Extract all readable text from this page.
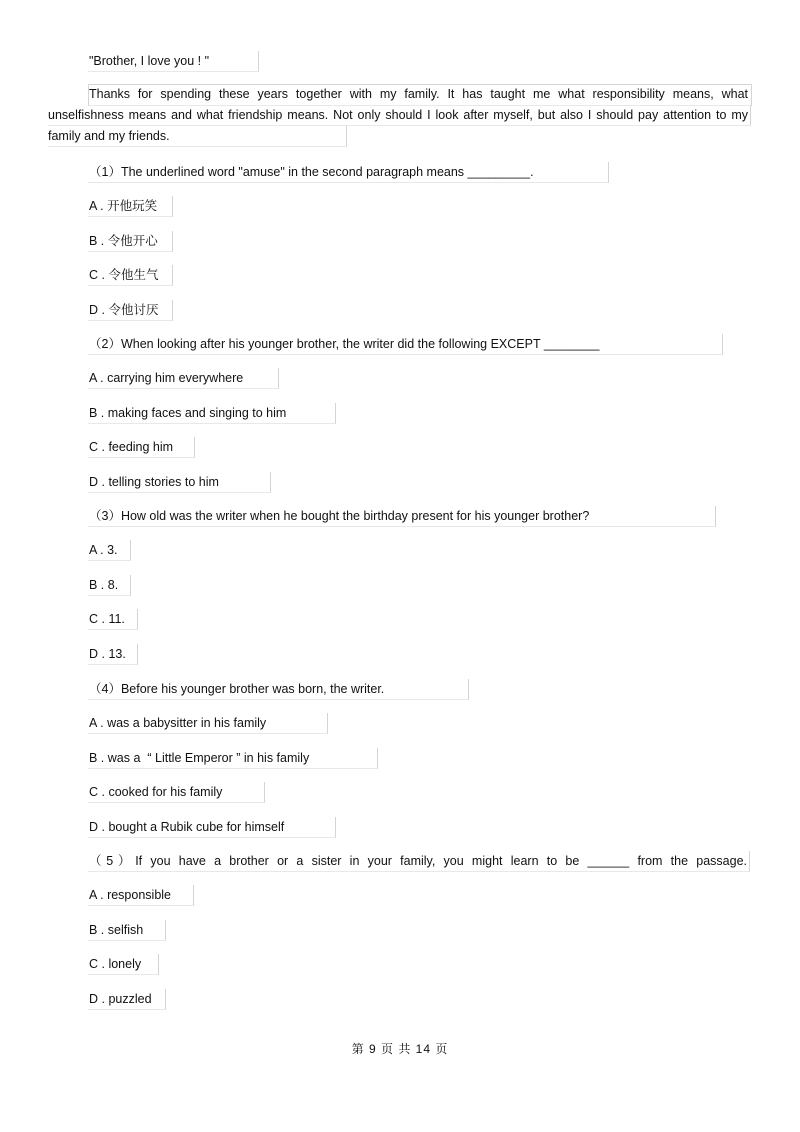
"Brother, I love you ! "
Thanks for spending these years together with my family. It has taught me what responsibility means, what unselfishness means and what friendship means. Not only should I look after myself, but also I should pay attention to my family and my friends.
（1）The underlined word "amuse" in the second paragraph means _________.
A . 开他玩笑
B . 令他开心
C . 令他生气
D . 令他讨厌
（2）When looking after his younger brother, the writer did the following EXCEPT ________
A . carrying him everywhere
B . making faces and singing to him
C . feeding him
D . telling stories to him
（3）How old was the writer when he bought the birthday present for his younger brother?
A . 3.
B . 8.
C . 11.
D . 13.
（4）Before his younger brother was born, the writer.
A . was a babysitter in his family
B . was a  “ Little Emperor ” in his family
C . cooked for his family
D . bought a Rubik cube for himself
（5）If you have a brother or a sister in your family, you might learn to be ______ from the passage.
A . responsible
B . selfish
C . lonely
D . puzzled
第 9 页 共 14 页
